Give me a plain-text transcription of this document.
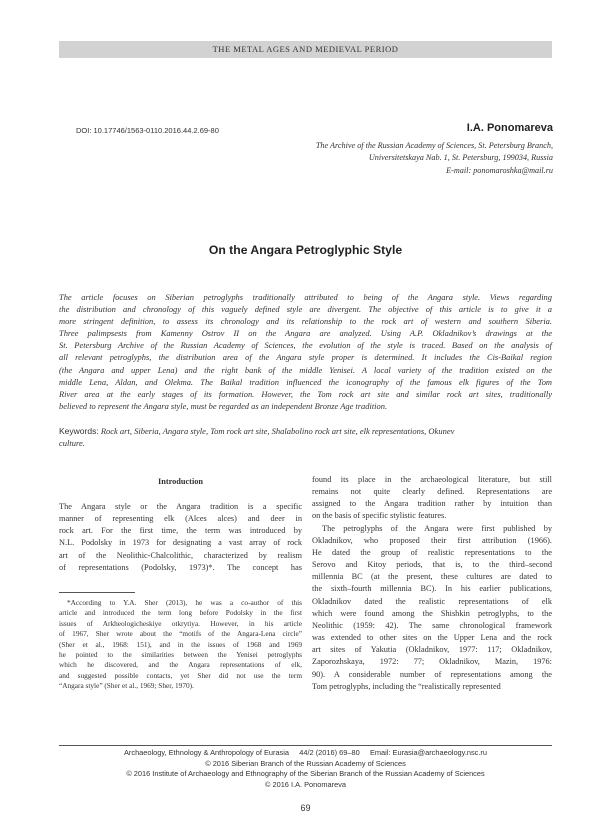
THE METAL AGES AND MEDIEVAL PERIOD
DOI: 10.17746/1563-0110.2016.44.2.69-80	I.A. Ponomareva
The Archive of the Russian Academy of Sciences, St. Petersburg Branch,
Universitetskaya Nab. 1, St. Petersburg, 199034, Russia
E-mail: ponomaroshka@mail.ru
On the Angara Petroglyphic Style
The article focuses on Siberian petroglyphs traditionally attributed to being of the Angara style. Views regarding
the distribution and chronology of this vaguely defined style are divergent. The objective of this article is to give it a
more stringent definition, to assess its chronology and its relationship to the rock art of western and southern Siberia.
Three palimpsests from Kamenny Ostrov II on the Angara are analyzed. Using A.P. Okladnikov’s drawings at the
St. Petersburg Archive of the Russian Academy of Sciences, the evolution of the style is traced. Based on the analysis of
all relevant petroglyphs, the distribution area of the Angara style proper is determined. It includes the Cis-Baikal region
(the Angara and upper Lena) and the right bank of the middle Yenisei. A local variety of the tradition existed on the
middle Lena, Aldan, and Olekma. The Baikal tradition influenced the iconography of the famous elk figures of the Tom
River area at the early stages of its formation. However, the Tom rock art site and similar rock art sites, traditionally
believed to represent the Angara style, must be regarded as an independent Bronze Age tradition.
Keywords: Rock art, Siberia, Angara style, Tom rock art site, Shalabolino rock art site, elk representations, Okunev
culture.
Introduction
The Angara style or the Angara tradition is a specific
manner of representing elk (Alces alces) and deer in
rock art. For the first time, the term was introduced by
N.L. Podolsky in 1973 for designating a vast array of rock
art of the Neolithic-Chalcolithic, characterized by realism
of representations (Podolsky, 1973)*. The concept has
*According to Y.A. Sher (2013), he was a co-author of this
article and introduced the term long before Podolsky in the first
issues of Arkheologicheskiye otkrytiya. However, in his article
of 1967, Sher wrote about the “motifs of the Angara-Lena circle”
(Sher et al., 1968: 151), and in the issues of 1968 and 1969
he pointed to the similarities between the Yenisei petroglyphs
which he discovered, and the Angara representations of elk,
and suggested possible contacts, yet Sher did not use the term
“Angara style” (Sher et al., 1969; Sher, 1970).
found its place in the archaeological literature, but still
remains not quite clearly defined. Representations are
assigned to the Angara tradition rather by intuition than
on the basis of specific stylistic features.
The petroglyphs of the Angara were first published by
Okladnikov, who proposed their first attribution (1966).
He dated the group of realistic representations to the
Serovo and Kitoy periods, that is, to the third–second
millennia BC (at the present, these cultures are dated to
the sixth–fourth millennia BC). In his earlier publications,
Okladnikov dated the realistic representations of elk
which were found among the Shishkin petroglyphs, to the
Neolithic (1959: 42). The same chronological framework
was extended to other sites on the Upper Lena and the rock
art sites of Yakutia (Okladnikov, 1977: 117; Okladnikov,
Zaporozhskaya, 1972: 77; Okladnikov, Mazin, 1976:
90). A considerable number of representations among the
Tom petroglyphs, including the “realistically represented
Archaeology, Ethnology & Anthropology of Eurasia     44/2 (2016) 69–80     Email: Eurasia@archaeology.nsc.ru
© 2016 Siberian Branch of the Russian Academy of Sciences
© 2016 Institute of Archaeology and Ethnography of the Siberian Branch of the Russian Academy of Sciences
© 2016 I.A. Ponomareva
69
